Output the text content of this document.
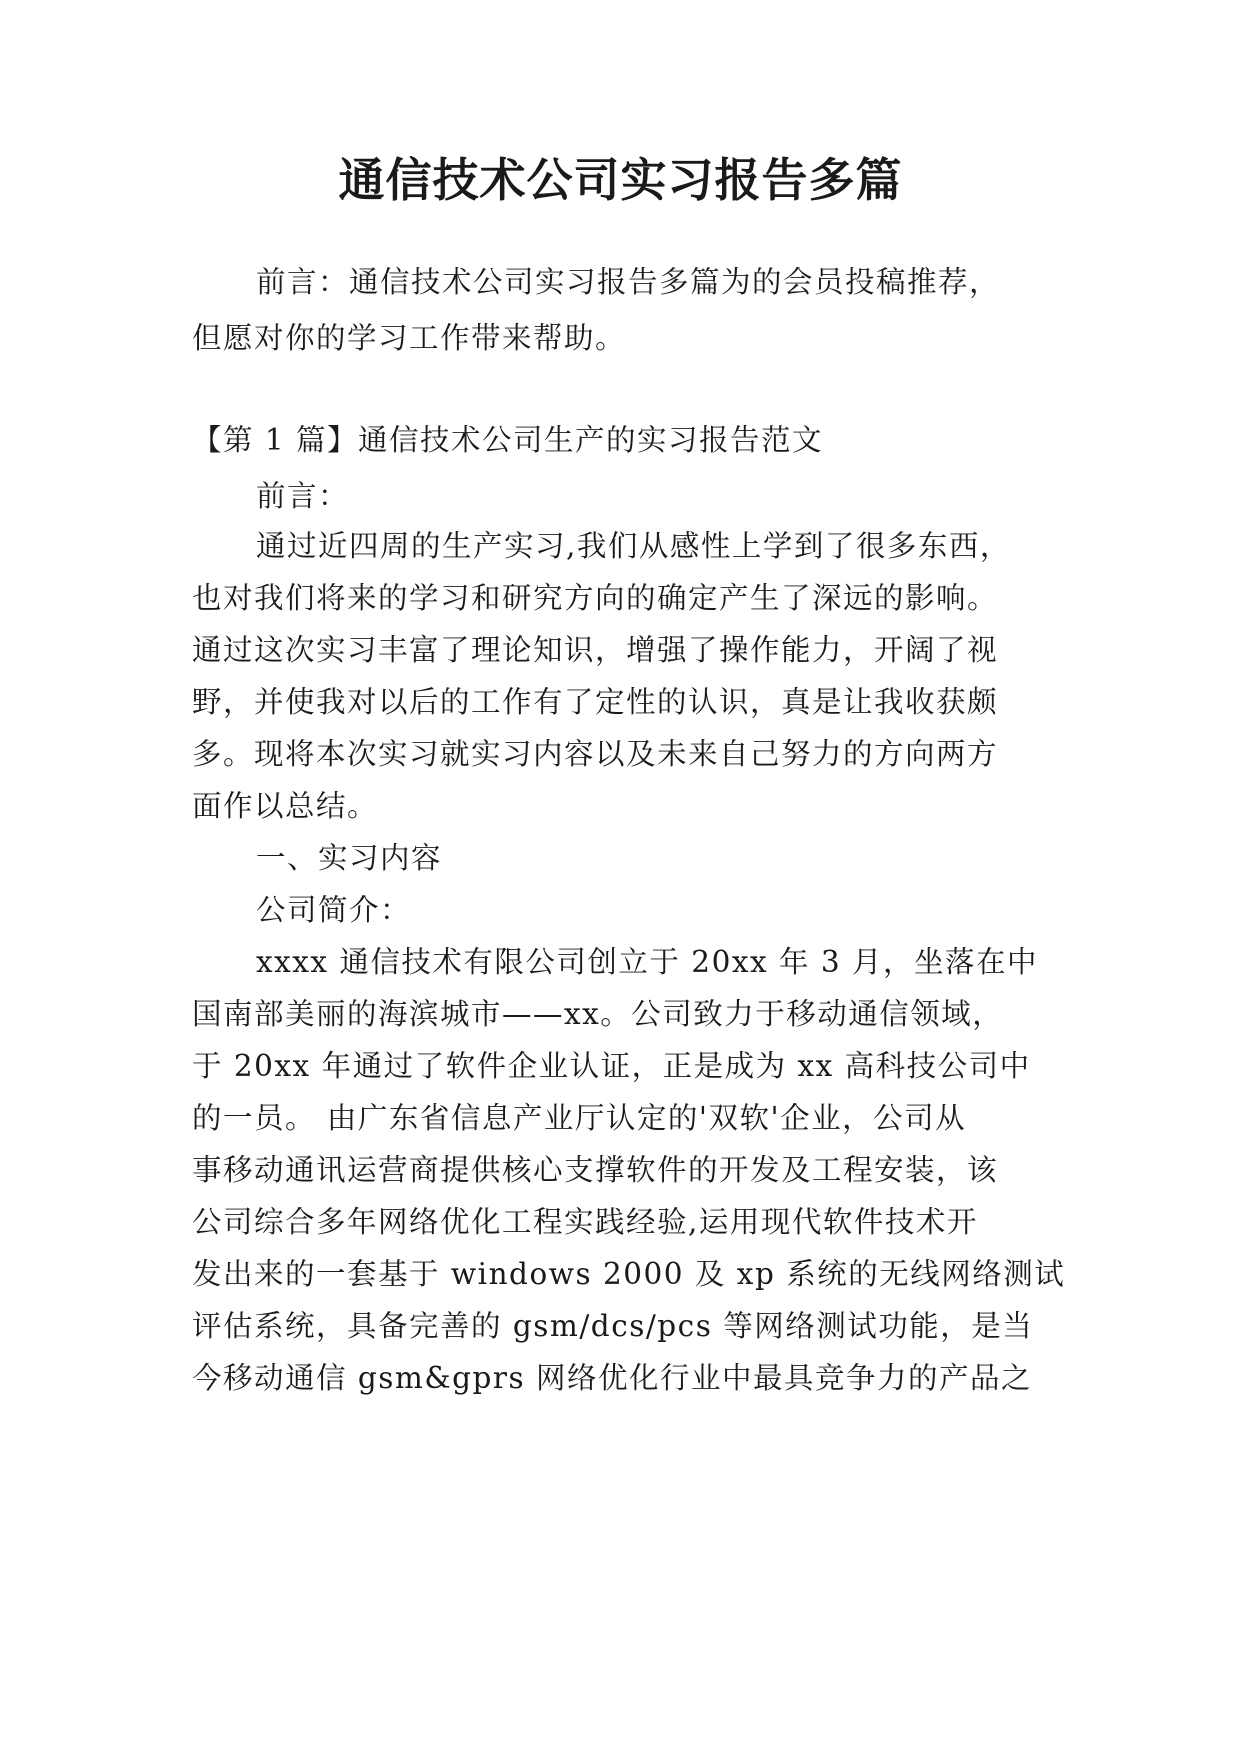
通信技术公司实习报告多篇

前言：通信技术公司实习报告多篇为的会员投稿推荐，

但愿对你的学习工作带来帮助。

【第 1 篇】通信技术公司生产的实习报告范文

前言：

通过近四周的生产实习,我们从感性上学到了很多东西，

也对我们将来的学习和研究方向的确定产生了深远的影响。

通过这次实习丰富了理论知识，增强了操作能力，开阔了视

野，并使我对以后的工作有了定性的认识，真是让我收获颇

多。现将本次实习就实习内容以及未来自己努力的方向两方

面作以总结。

一、实习内容

公司简介：

xxxx 通信技术有限公司创立于 20xx 年 3 月，坐落在中

国南部美丽的海滨城市——xx。公司致力于移动通信领域，

于 20xx 年通过了软件企业认证，正是成为 xx 高科技公司中

的一员。 由广东省信息产业厅认定的'双软'企业，公司从

事移动通讯运营商提供核心支撑软件的开发及工程安装，该

公司综合多年网络优化工程实践经验,运用现代软件技术开

发出来的一套基于 windows 2000 及 xp 系统的无线网络测试

评估系统，具备完善的 gsm/dcs/pcs 等网络测试功能，是当

今移动通信 gsm&gprs 网络优化行业中最具竞争力的产品之
